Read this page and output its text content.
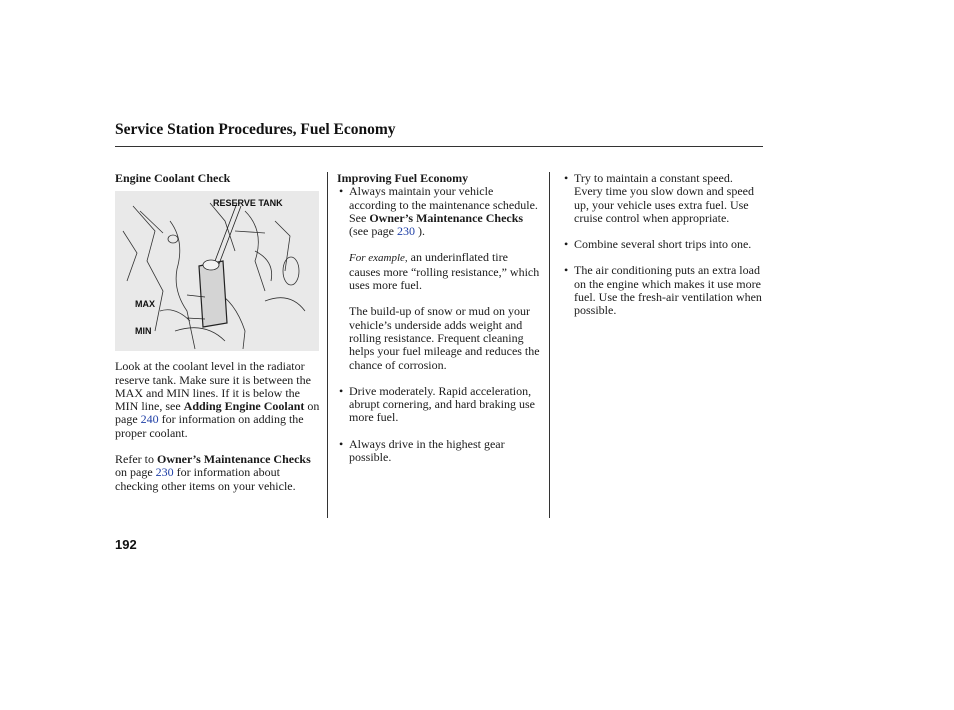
Service Station Procedures, Fuel Economy

Engine Coolant Check

RESERVE TANK
MAX
MIN

Look at the coolant level in the radiator reserve tank. Make sure it is between the MAX and MIN lines. If it is below the MIN line, see Adding Engine Coolant on page 240 for information on adding the proper coolant.

Refer to Owner’s Maintenance Checks on page 230 for information about checking other items on your vehicle.

Improving Fuel Economy

• Always maintain your vehicle according to the maintenance schedule. See Owner’s Maintenance Checks (see page 230 ).

For example, an underinflated tire causes more “rolling resistance,” which uses more fuel.

The build-up of snow or mud on your vehicle’s underside adds weight and rolling resistance. Frequent cleaning helps your fuel mileage and reduces the chance of corrosion.

• Drive moderately. Rapid acceleration, abrupt cornering, and hard braking use more fuel.

• Always drive in the highest gear possible.

• Try to maintain a constant speed. Every time you slow down and speed up, your vehicle uses extra fuel. Use cruise control when appropriate.

• Combine several short trips into one.

• The air conditioning puts an extra load on the engine which makes it use more fuel. Use the fresh-air ventilation when possible.

192
